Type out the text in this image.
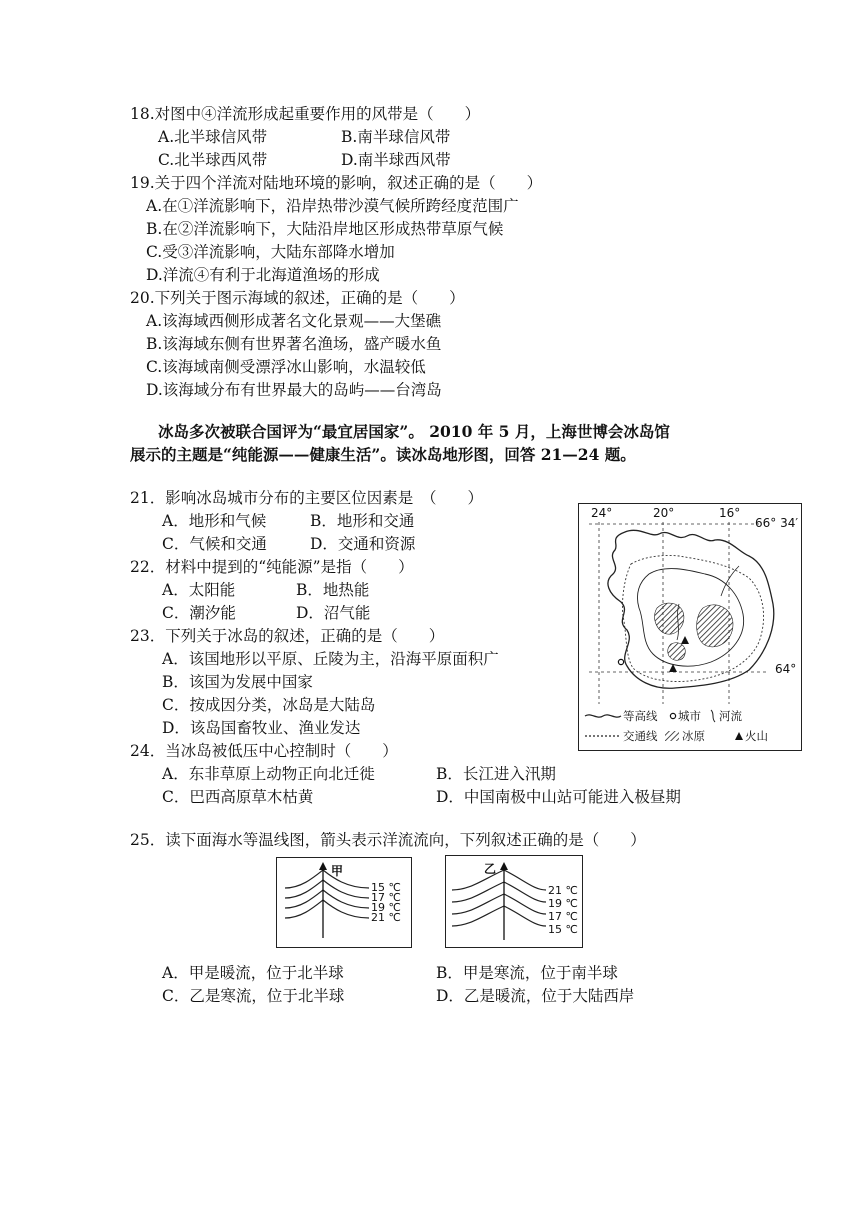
18.对图中④洋流形成起重要作用的风带是（　　）
A.北半球信风带	B.南半球信风带
C.北半球西风带	D.南半球西风带
19.关于四个洋流对陆地环境的影响，叙述正确的是（　　）
A.在①洋流影响下，沿岸热带沙漠气候所跨经度范围广
B.在②洋流影响下，大陆沿岸地区形成热带草原气候
C.受③洋流影响，大陆东部降水增加
D.洋流④有利于北海道渔场的形成
20.下列关于图示海域的叙述，正确的是（　　）
A.该海域西侧形成著名文化景观——大堡礁
B.该海域东侧有世界著名渔场，盛产暖水鱼
C.该海域南侧受漂浮冰山影响，水温较低
D.该海域分布有世界最大的岛屿——台湾岛
冰岛多次被联合国评为“最宜居国家”。 2010 年 5 月，上海世博会冰岛馆
展示的主题是“纯能源——健康生活”。读冰岛地形图，回答 21—24 题。
21．影响冰岛城市分布的主要区位因素是　（　　）
A．地形和气候	B．地形和交通
C．气候和交通	D．交通和资源
22．材料中提到的“纯能源”是指（　　）
A．太阳能	B．地热能
C．潮汐能	D．沼气能
23．下列关于冰岛的叙述，正确的是（　　）
A．该国地形以平原、丘陵为主，沿海平原面积广
B．该国为发展中国家
C．按成因分类，冰岛是大陆岛
D．该岛国畜牧业、渔业发达
24．当冰岛被低压中心控制时（　　）
A．东非草原上动物正向北迁徙	B．长江进入汛期
C．巴西高原草木枯黄	D．中国南极中山站可能进入极昼期
25．读下面海水等温线图，箭头表示洋流流向，下列叙述正确的是（　　）
A．甲是暖流，位于北半球	B．甲是寒流，位于南半球
C．乙是寒流，位于北半球	D．乙是暖流，位于大陆西岸
24°	20°	16°
66° 34′
64°
等高线 城市 河流
交通线 冰原	火山
甲
15 ℃
17 ℃
19 ℃
21 ℃
乙
21 ℃
19 ℃
17 ℃
15 ℃
